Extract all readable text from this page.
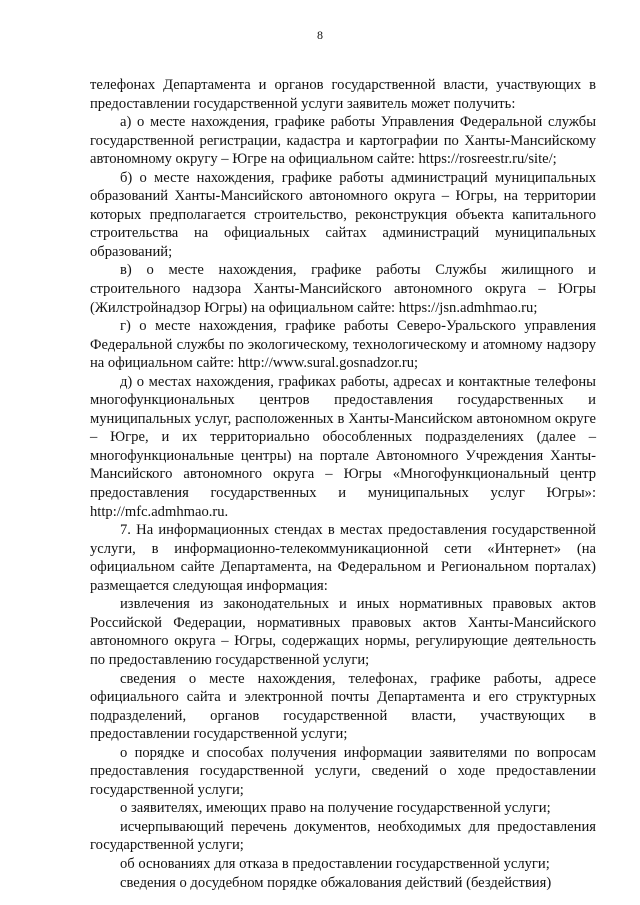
8

телефонах Департамента и органов государственной власти, участвующих в предоставлении государственной услуги заявитель может получить:

а) о месте нахождения, графике работы Управления Федеральной службы государственной регистрации, кадастра и картографии по Ханты-Мансийскому автономному округу – Югре на официальном сайте: https://rosreestr.ru/site/;

б) о месте нахождения, графике работы администраций муниципальных образований Ханты-Мансийского автономного округа – Югры, на территории которых предполагается строительство, реконструкция объекта капитального строительства на официальных сайтах администраций муниципальных образований;

в) о месте нахождения, графике работы Службы жилищного и строительного надзора Ханты-Мансийского автономного округа – Югры (Жилстройнадзор Югры) на официальном сайте: https://jsn.admhmao.ru;

г) о месте нахождения, графике работы Северо-Уральского управления Федеральной службы по экологическому, технологическому и атомному надзору на официальном сайте: http://www.sural.gosnadzor.ru;

д) о местах нахождения, графиках работы, адресах и контактные телефоны многофункциональных центров предоставления государственных и муниципальных услуг, расположенных в Ханты-Мансийском автономном округе – Югре, и их территориально обособленных подразделениях (далее – многофункциональные центры) на портале Автономного Учреждения Ханты-Мансийского автономного округа – Югры «Многофункциональный центр предоставления государственных и муниципальных услуг Югры»: http://mfc.admhmao.ru.

7. На информационных стендах в местах предоставления государственной услуги, в информационно-телекоммуникационной сети «Интернет» (на официальном сайте Департамента, на Федеральном и Региональном порталах) размещается следующая информация:

извлечения из законодательных и иных нормативных правовых актов Российской Федерации, нормативных правовых актов Ханты-Мансийского автономного округа – Югры, содержащих нормы, регулирующие деятельность по предоставлению государственной услуги;

сведения о месте нахождения, телефонах, графике работы, адресе официального сайта и электронной почты Департамента и его структурных подразделений, органов государственной власти, участвующих в предоставлении государственной услуги;

о порядке и способах получения информации заявителями по вопросам предоставления государственной услуги, сведений о ходе предоставлении государственной услуги;

о заявителях, имеющих право на получение государственной услуги;

исчерпывающий перечень документов, необходимых для предоставления государственной услуги;

об основаниях для отказа в предоставлении государственной услуги;

сведения о досудебном порядке обжалования действий (бездействия)
